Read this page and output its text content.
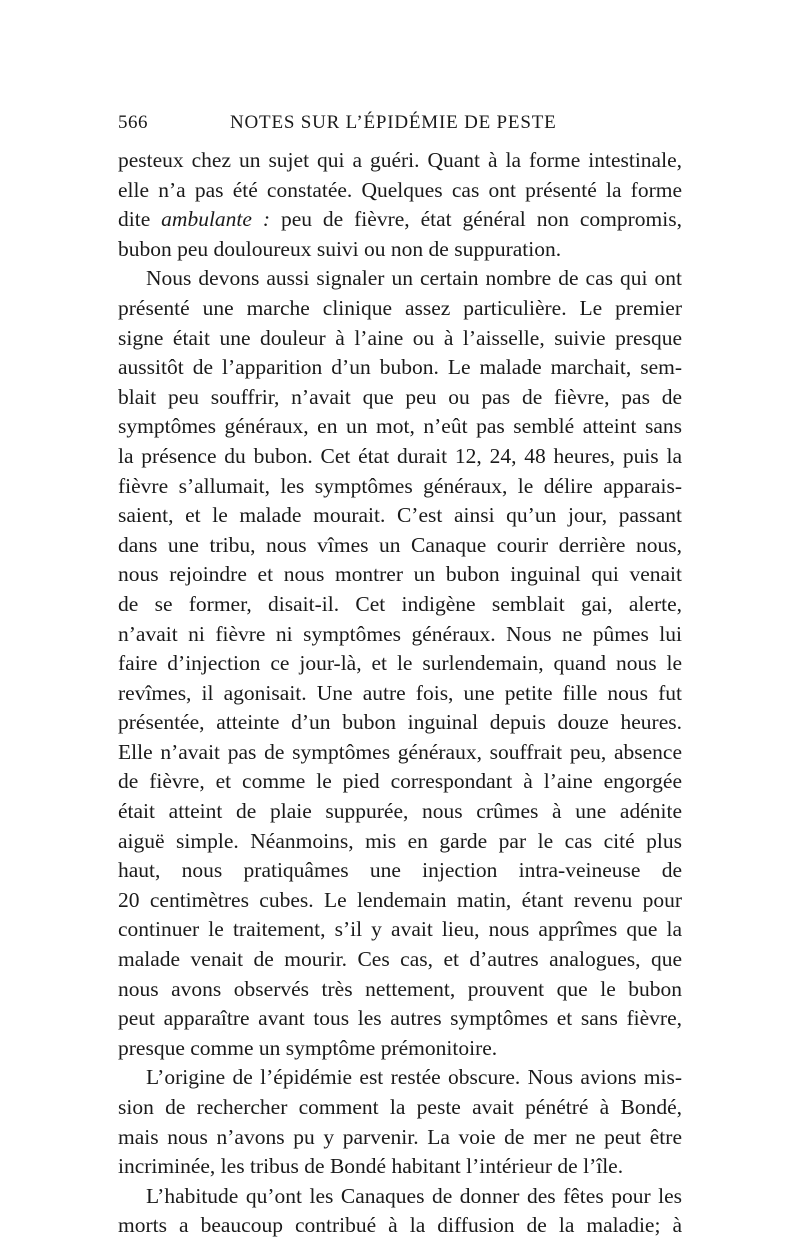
566	NOTES SUR L’ÉPIDÉMIE DE PESTE
pesteux chez un sujet qui a guéri. Quant à la forme intestinale,
elle n’a pas été constatée. Quelques cas ont présenté la forme
dite ambulante : peu de fièvre, état général non compromis,
bubon peu douloureux suivi ou non de suppuration.
Nous devons aussi signaler un certain nombre de cas qui ont
présenté une marche clinique assez particulière. Le premier
signe était une douleur à l’aine ou à l’aisselle, suivie presque
aussitôt de l’apparition d’un bubon. Le malade marchait, sem-
blait peu souffrir, n’avait que peu ou pas de fièvre, pas de
symptômes généraux, en un mot, n’eût pas semblé atteint sans
la présence du bubon. Cet état durait 12, 24, 48 heures, puis la
fièvre s’allumait, les symptômes généraux, le délire apparais-
saient, et le malade mourait. C’est ainsi qu’un jour, passant
dans une tribu, nous vîmes un Canaque courir derrière nous,
nous rejoindre et nous montrer un bubon inguinal qui venait
de se former, disait-il. Cet indigène semblait gai, alerte,
n’avait ni fièvre ni symptômes généraux. Nous ne pûmes lui
faire d’injection ce jour-là, et le surlendemain, quand nous le
revîmes, il agonisait. Une autre fois, une petite fille nous fut
présentée, atteinte d’un bubon inguinal depuis douze heures.
Elle n’avait pas de symptômes généraux, souffrait peu, absence
de fièvre, et comme le pied correspondant à l’aine engorgée
était atteint de plaie suppurée, nous crûmes à une adénite
aiguë simple. Néanmoins, mis en garde par le cas cité plus
haut, nous pratiquâmes une injection intra-veineuse de
20 centimètres cubes. Le lendemain matin, étant revenu pour
continuer le traitement, s’il y avait lieu, nous apprîmes que la
malade venait de mourir. Ces cas, et d’autres analogues, que
nous avons observés très nettement, prouvent que le bubon
peut apparaître avant tous les autres symptômes et sans fièvre,
presque comme un symptôme prémonitoire.
L’origine de l’épidémie est restée obscure. Nous avions mis-
sion de rechercher comment la peste avait pénétré à Bondé,
mais nous n’avons pu y parvenir. La voie de mer ne peut être
incriminée, les tribus de Bondé habitant l’intérieur de l’île.
L’habitude qu’ont les Canaques de donner des fêtes pour les
morts a beaucoup contribué à la diffusion de la maladie; à
